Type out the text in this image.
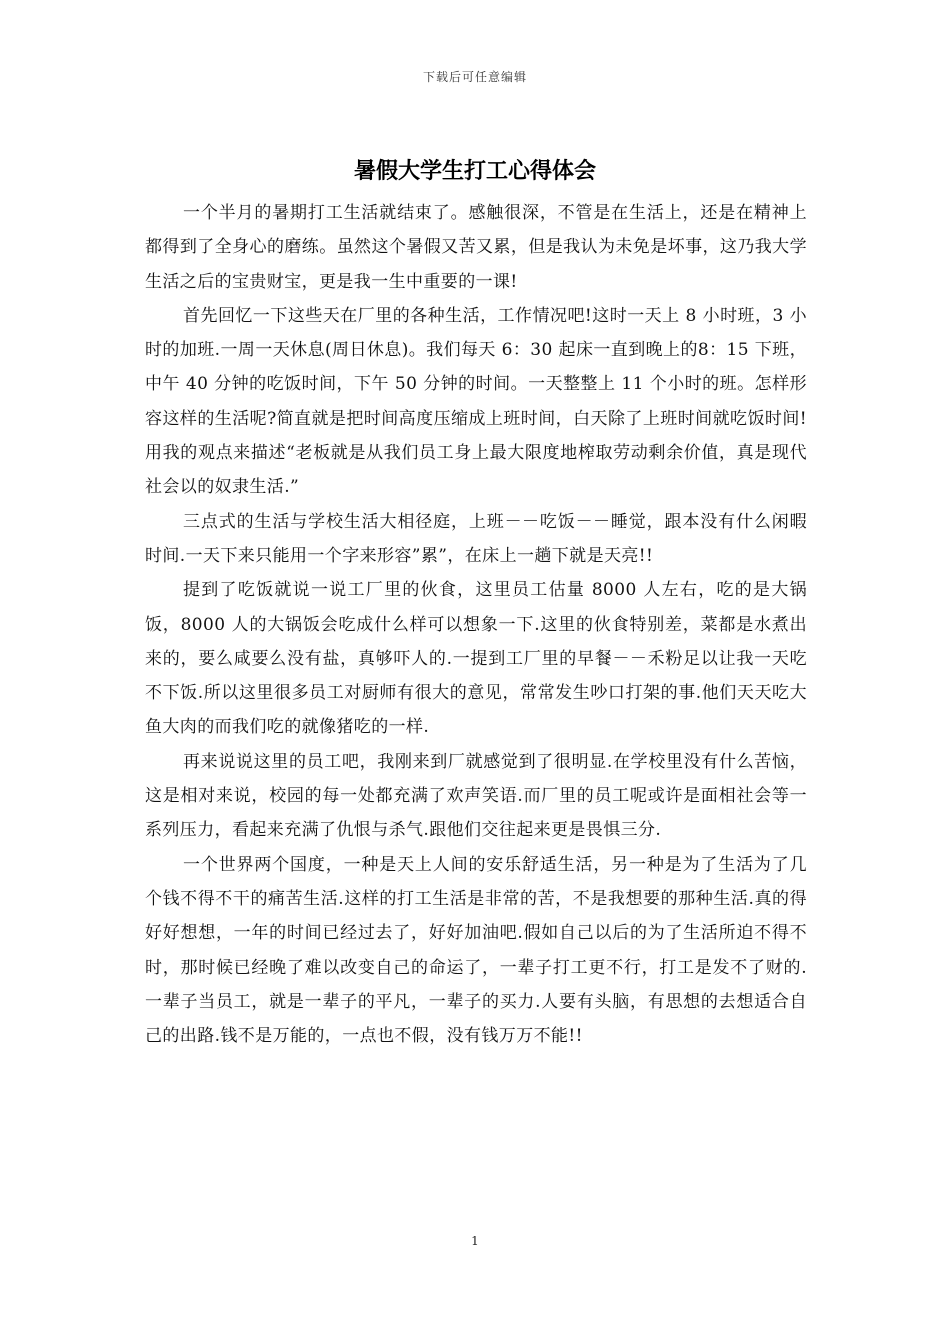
下载后可任意编辑
暑假大学生打工心得体会

一个半月的暑期打工生活就结束了。感触很深，不管是在生活上，还是在精神上都得到了全身心的磨练。虽然这个暑假又苦又累，但是我认为未免是坏事，这乃我大学生活之后的宝贵财宝，更是我一生中重要的一课!

首先回忆一下这些天在厂里的各种生活，工作情况吧!这时一天上 8 小时班，3 小时的加班.一周一天休息(周日休息)。我们每天 6：30 起床一直到晚上的8：15 下班，中午 40 分钟的吃饭时间，下午 50 分钟的时间。一天整整上 11 个小时的班。怎样形容这样的生活呢?简直就是把时间高度压缩成上班时间，白天除了上班时间就吃饭时间!用我的观点来描述“老板就是从我们员工身上最大限度地榨取劳动剩余价值，真是现代社会以的奴隶生活.”

三点式的生活与学校生活大相径庭，上班－－吃饭－－睡觉，跟本没有什么闲暇时间.一天下来只能用一个字来形容”累”，在床上一趟下就是天亮!!

提到了吃饭就说一说工厂里的伙食，这里员工估量 8000 人左右，吃的是大锅饭，8000 人的大锅饭会吃成什么样可以想象一下.这里的伙食特别差，菜都是水煮出来的，要么咸要么没有盐，真够吓人的.一提到工厂里的早餐－－禾粉足以让我一天吃不下饭.所以这里很多员工对厨师有很大的意见，常常发生吵口打架的事.他们天天吃大鱼大肉的而我们吃的就像猪吃的一样.

再来说说这里的员工吧，我刚来到厂就感觉到了很明显.在学校里没有什么苦恼，这是相对来说，校园的每一处都充满了欢声笑语.而厂里的员工呢或许是面相社会等一系列压力，看起来充满了仇恨与杀气.跟他们交往起来更是畏惧三分.

一个世界两个国度，一种是天上人间的安乐舒适生活，另一种是为了生活为了几个钱不得不干的痛苦生活.这样的打工生活是非常的苦，不是我想要的那种生活.真的得好好想想，一年的时间已经过去了，好好加油吧.假如自己以后的为了生活所迫不得不时，那时候已经晚了难以改变自己的命运了，一辈子打工更不行，打工是发不了财的.一辈子当员工，就是一辈子的平凡，一辈子的买力.人要有头脑，有思想的去想适合自己的出路.钱不是万能的，一点也不假，没有钱万万不能!!

1
